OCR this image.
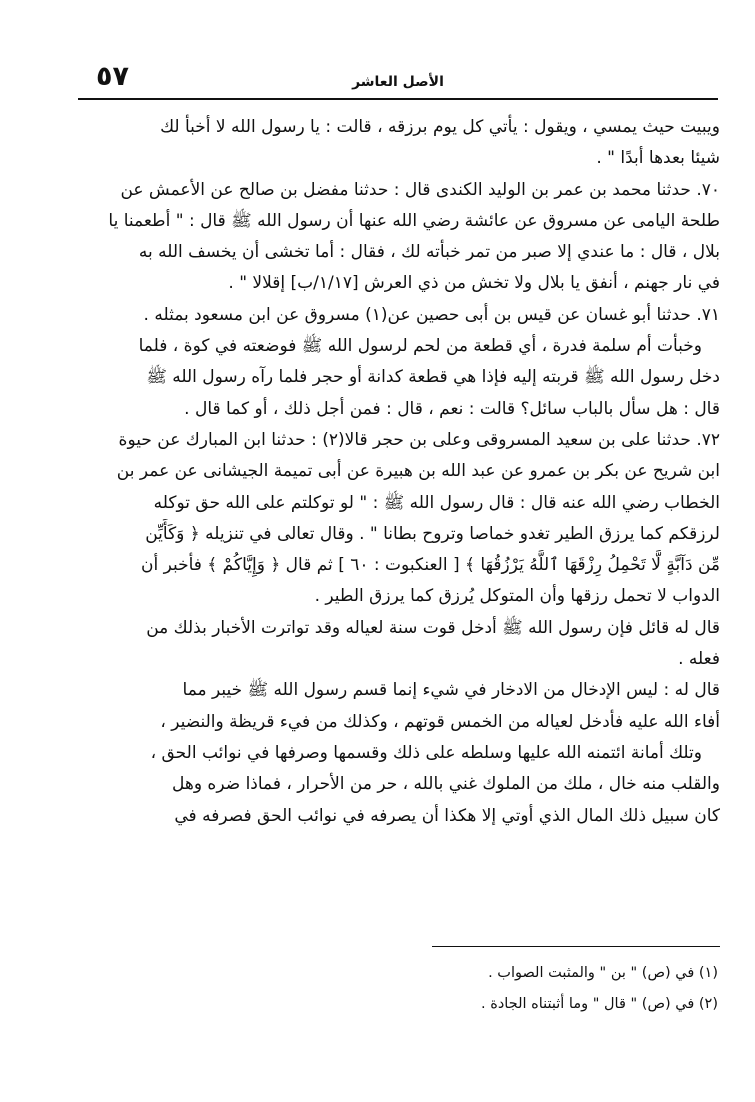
٥٧	الأصل العاشر
ويبيت حيث يمسي ، ويقول : يأتي كل يوم برزقه ، قالت : يا رسول الله لا أخبأ لك
شيئا بعدها أبدًا " .
٧٠. حدثنا محمد بن عمر بن الوليد الكندى قال : حدثنا مفضل بن صالح عن الأعمش عن
طلحة اليامى عن مسروق عن عائشة رضي الله عنها أن رسول الله ﷺ قال : " أطعمنا يا
بلال ، قال : ما عندي إلا صبر من تمر خبأته لك ، فقال : أما تخشى أن يخسف الله به
في نار جهنم ، أنفق يا بلال ولا تخش من ذي العرش [١/١٧/ب] إقلالا " .
٧١. حدثنا أبو غسان عن قيس بن أبى حصين عن(١) مسروق عن ابن مسعود بمثله .
وخبأت أم سلمة فدرة ، أي قطعة من لحم لرسول الله ﷺ فوضعته في كوة ، فلما
دخل رسول الله ﷺ قربته إليه فإذا هي قطعة كدانة أو حجر فلما رآه رسول الله ﷺ
قال : هل سأل بالباب سائل؟ قالت : نعم ، قال : فمن أجل ذلك ، أو كما قال .
٧٢. حدثنا على بن سعيد المسروقى وعلى بن حجر قالا(٢) : حدثنا ابن المبارك عن حيوة
ابن شريح عن بكر بن عمرو عن عبد الله بن هبيرة عن أبى تميمة الجيشانى عن عمر بن
الخطاب رضي الله عنه قال : قال رسول الله ﷺ : " لو توكلتم على الله حق توكله
لرزقكم كما يرزق الطير تغدو خماصا وتروح بطانا " . وقال تعالى في تنزيله ﴿ وَكَأَيِّن
مِّن دَآبَّةٍ لَّا تَحْمِلُ رِزْقَهَا ٱللَّهُ يَرْزُقُهَا ﴾ [ العنكبوت : ٦٠ ] ثم قال ﴿ وَإِيَّاكُمْ ﴾ فأخبر أن
الدواب لا تحمل رزقها وأن المتوكل يُرزق كما يرزق الطير .
قال له قائل فإن رسول الله ﷺ أدخل قوت سنة لعياله وقد تواترت الأخبار بذلك من
فعله .
قال له : ليس الإدخال من الادخار في شيء إنما قسم رسول الله ﷺ خيبر مما
أفاء الله عليه فأدخل لعياله من الخمس قوتهم ، وكذلك من فيء قريظة والنضير ،
وتلك أمانة ائتمنه الله عليها وسلطه على ذلك وقسمها وصرفها في نوائب الحق ،
والقلب منه خال ، ملك من الملوك غني بالله ، حر من الأحرار ، فماذا ضره وهل
كان سبيل ذلك المال الذي أوتي إلا هكذا أن يصرفه في نوائب الحق فصرفه في
(١) في (ص) " بن " والمثبت الصواب .
(٢) في (ص) " قال " وما أثبتناه الجادة .
